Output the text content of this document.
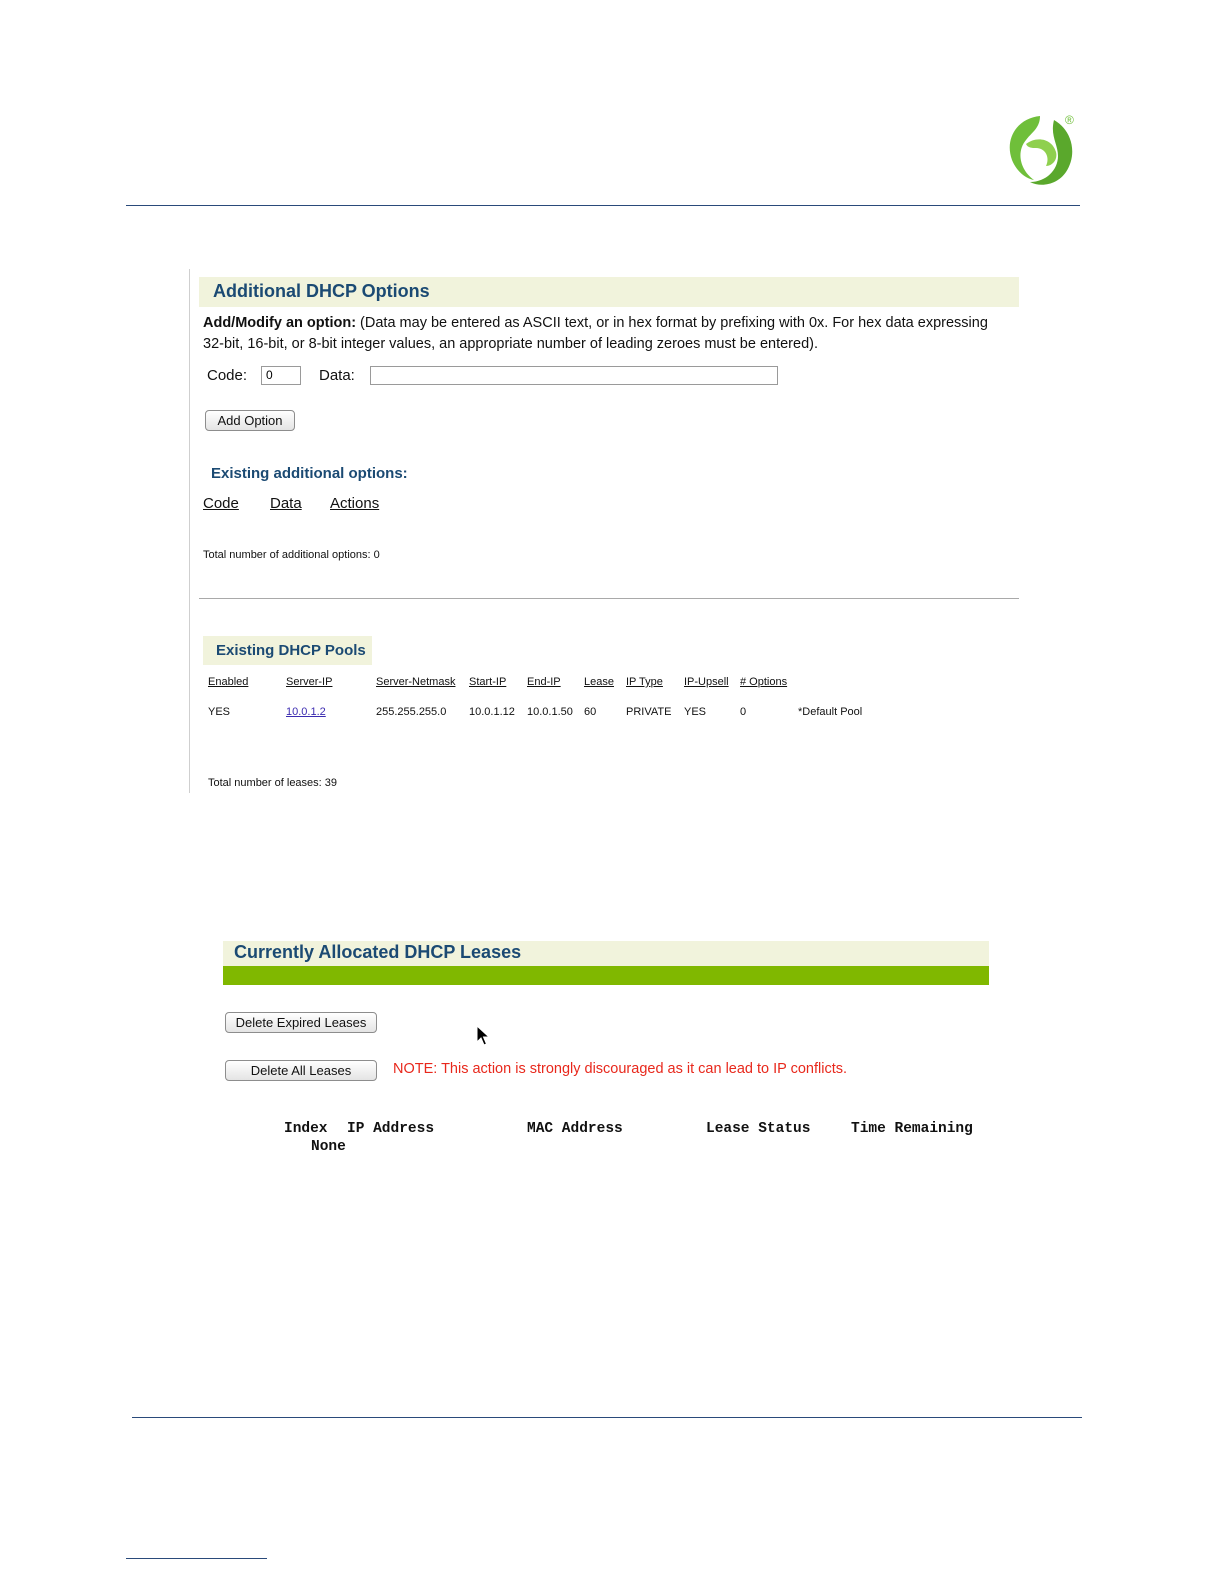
®
Additional DHCP Options
Add/Modify an option: (Data may be entered as ASCII text, or in hex format by prefixing with 0x. For hex data expressing
32-bit, 16-bit, or 8-bit integer values, an appropriate number of leading zeroes must be entered).
Code:	0	Data:
Add Option
Existing additional options:
Code Data Actions
Total number of additional options: 0
Existing DHCP Pools
Enabled	Server-IP	Server-Netmask Start-IP End-IP Lease IP Type IP-Upsell # Options
YES	10.0.1.2	255.255.255.0 10.0.1.12 10.0.1.50 60	PRIVATE YES	0	*Default Pool
Total number of leases: 39
Currently Allocated DHCP Leases
Delete Expired Leases
Delete All Leases	NOTE: This action is strongly discouraged as it can lead to IP conflicts.
Index IP Address	MAC Address	Lease Status	Time Remaining
None
